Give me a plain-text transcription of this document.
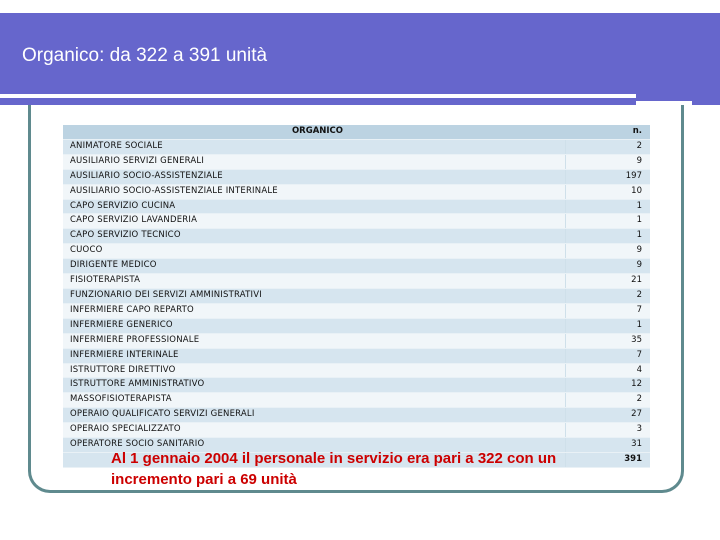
Organico: da 322 a 391 unità
ORGANICO	n.
ANIMATORE SOCIALE	2
AUSILIARIO SERVIZI GENERALI	9
AUSILIARIO SOCIO-ASSISTENZIALE	197
AUSILIARIO SOCIO-ASSISTENZIALE INTERINALE	10
CAPO SERVIZIO CUCINA	1
CAPO SERVIZIO LAVANDERIA	1
CAPO SERVIZIO TECNICO	1
CUOCO	9
DIRIGENTE MEDICO	9
FISIOTERAPISTA	21
FUNZIONARIO DEI SERVIZI AMMINISTRATIVI	2
INFERMIERE CAPO REPARTO	7
INFERMIERE GENERICO	1
INFERMIERE PROFESSIONALE	35
INFERMIERE INTERINALE	7
ISTRUTTORE DIRETTIVO	4
ISTRUTTORE AMMINISTRATIVO	12
MASSOFISIOTERAPISTA	2
OPERAIO QUALIFICATO SERVIZI GENERALI	27
OPERAIO SPECIALIZZATO	3
OPERATORE SOCIO SANITARIO	31
	391
Al 1 gennaio 2004 il personale in servizio era pari a 322 con un incremento pari a 69 unità
